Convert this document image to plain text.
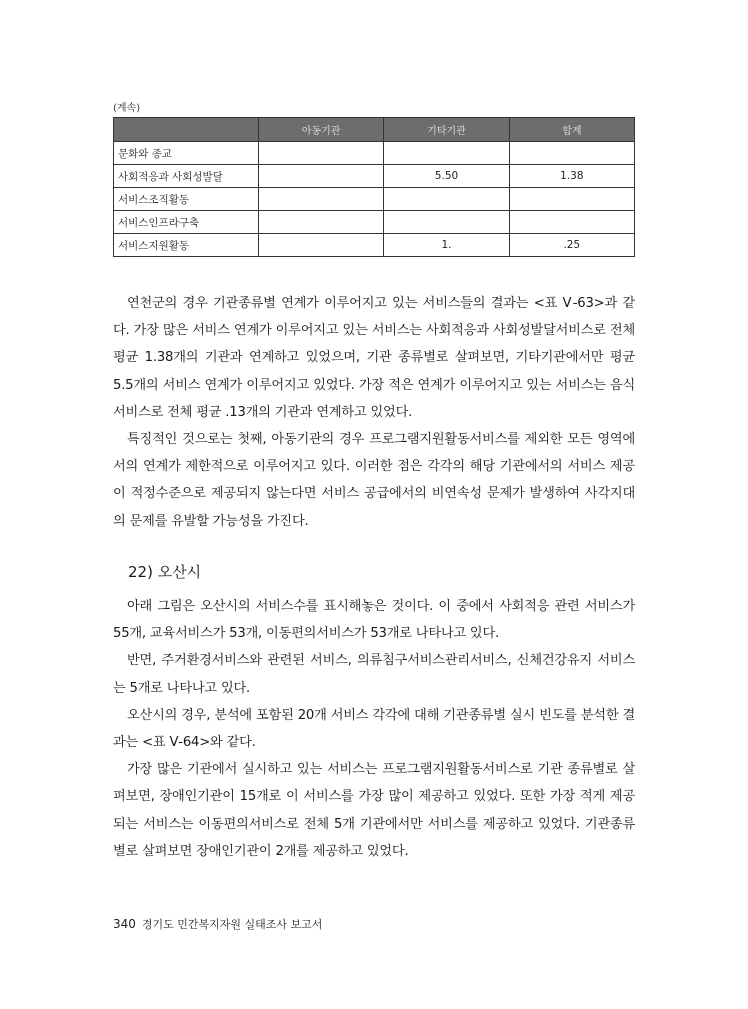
(계속)
	아동기관	기타기관	합계
문화와 종교			
사회적응과 사회성발달		5.50	1.38
서비스조직활동			
서비스인프라구축			
서비스지원활동		1.	.25

연천군의 경우 기관종류별 연계가 이루어지고 있는 서비스들의 결과는 <표 Ⅴ-63>과 같다. 가장 많은 서비스 연계가 이루어지고 있는 서비스는 사회적응과 사회성발달서비스로 전체 평균 1.38개의 기관과 연계하고 있었으며, 기관 종류별로 살펴보면, 기타기관에서만 평균 5.5개의 서비스 연계가 이루어지고 있었다. 가장 적은 연계가 이루어지고 있는 서비스는 음식서비스로 전체 평균 .13개의 기관과 연계하고 있었다.

특징적인 것으로는 첫째, 아동기관의 경우 프로그램지원활동서비스를 제외한 모든 영역에서의 연계가 제한적으로 이루어지고 있다. 이러한 점은 각각의 해당 기관에서의 서비스 제공이 적정수준으로 제공되지 않는다면 서비스 공급에서의 비연속성 문제가 발생하여 사각지대의 문제를 유발할 가능성을 가진다.

22) 오산시

아래 그림은 오산시의 서비스수를 표시해놓은 것이다. 이 중에서 사회적응 관련 서비스가 55개, 교육서비스가 53개, 이동편의서비스가 53개로 나타나고 있다.

반면, 주거환경서비스와 관련된 서비스, 의류침구서비스관리서비스, 신체건강유지 서비스는 5개로 나타나고 있다.

오산시의 경우, 분석에 포함된 20개 서비스 각각에 대해 기관종류별 실시 빈도를 분석한 결과는 <표 Ⅴ-64>와 같다.

가장 많은 기관에서 실시하고 있는 서비스는 프로그램지원활동서비스로 기관 종류별로 살펴보면, 장애인기관이 15개로 이 서비스를 가장 많이 제공하고 있었다. 또한 가장 적게 제공되는 서비스는 이동편의서비스로 전체 5개 기관에서만 서비스를 제공하고 있었다. 기관종류별로 살펴보면 장애인기관이 2개를 제공하고 있었다.

340 경기도 민간복지자원 실태조사 보고서
